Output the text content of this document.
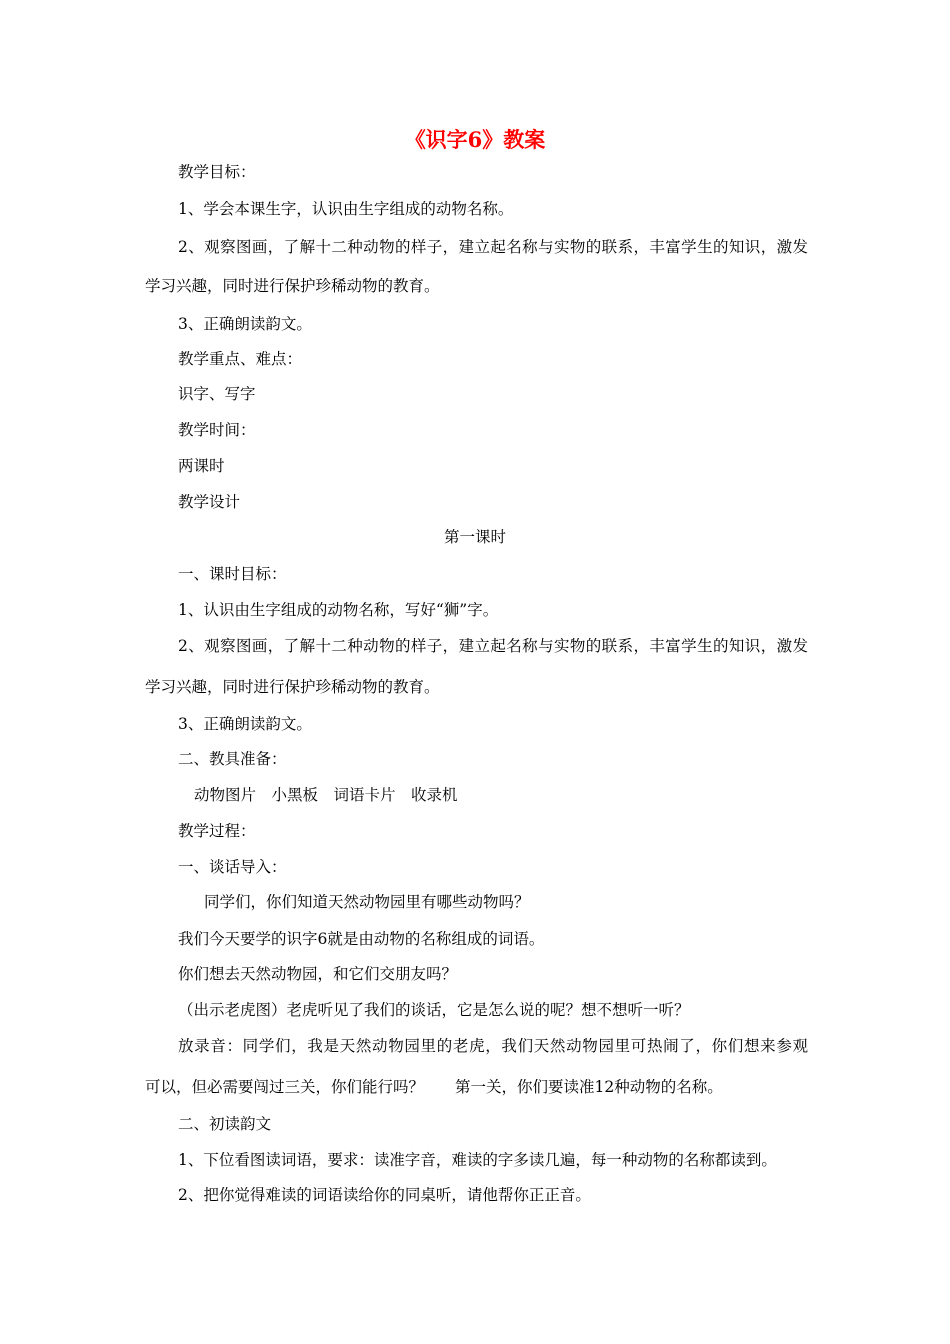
《识字6》教案
教学目标：
1、学会本课生字，认识由生字组成的动物名称。
2、观察图画，了解十二种动物的样子，建立起名称与实物的联系，丰富学生的知识，激发
学习兴趣，同时进行保护珍稀动物的教育。
3、正确朗读韵文。
教学重点、难点：
识字、写字
教学时间：
两课时
教学设计
第一课时
一、课时目标：
1、认识由生字组成的动物名称，写好“狮”字。
2、观察图画，了解十二种动物的样子，建立起名称与实物的联系，丰富学生的知识，激发
学习兴趣，同时进行保护珍稀动物的教育。
3、正确朗读韵文。
二、教具准备：
动物图片　小黑板　词语卡片　收录机
教学过程：
一、谈话导入：
同学们，你们知道天然动物园里有哪些动物吗？
我们今天要学的识字6就是由动物的名称组成的词语。
你们想去天然动物园，和它们交朋友吗？
（出示老虎图）老虎听见了我们的谈话，它是怎么说的呢？想不想听一听？
放录音：同学们，我是天然动物园里的老虎，我们天然动物园里可热闹了，你们想来参观
可以，但必需要闯过三关，你们能行吗？　　第一关，你们要读准12种动物的名称。
二、初读韵文
1、下位看图读词语，要求：读准字音，难读的字多读几遍，每一种动物的名称都读到。
2、把你觉得难读的词语读给你的同桌听，请他帮你正正音。
